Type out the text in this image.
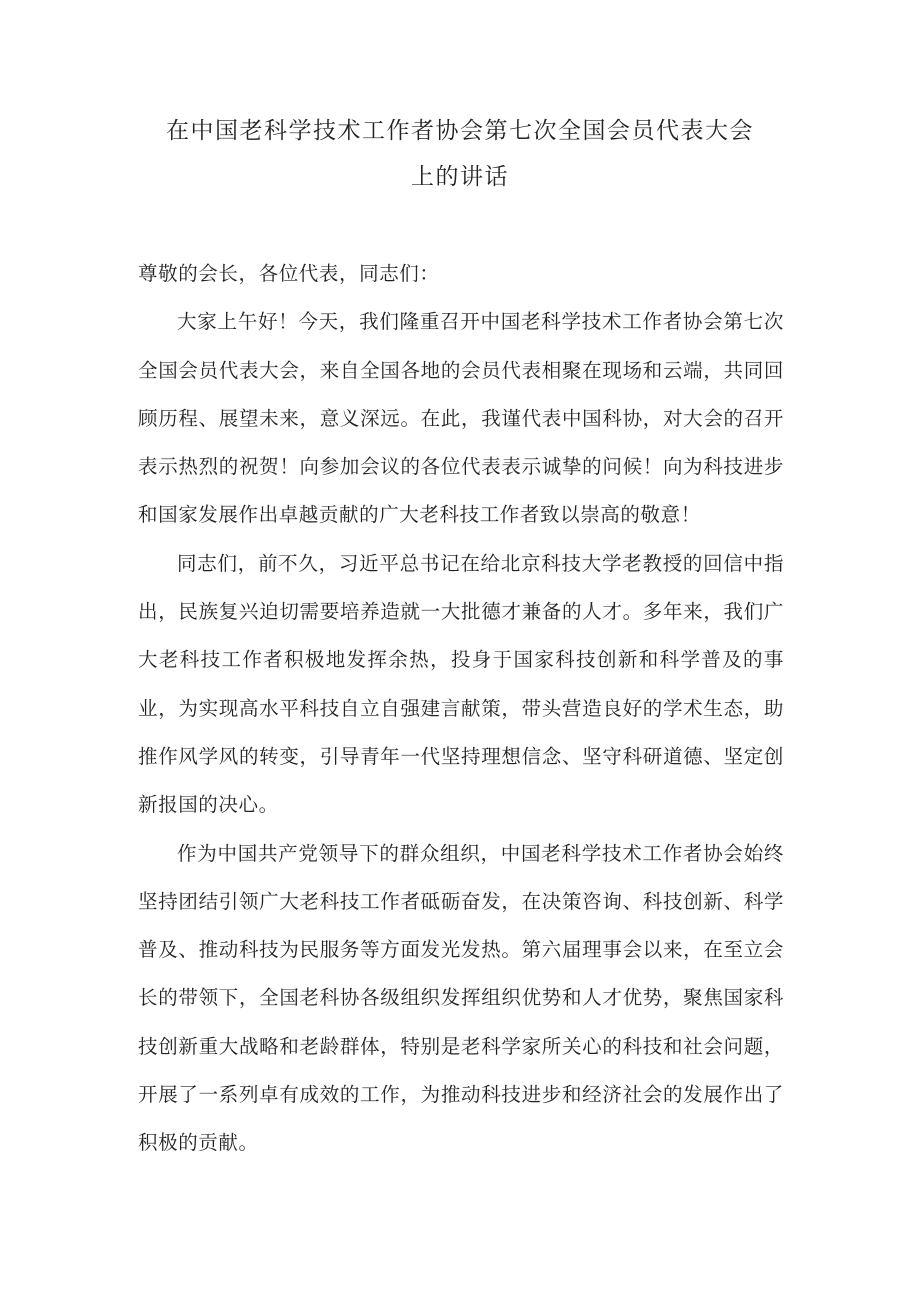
在中国老科学技术工作者协会第七次全国会员代表大会
上的讲话

尊敬的会长，各位代表，同志们：

大家上午好！今天，我们隆重召开中国老科学技术工作者协会第七次全国会员代表大会，来自全国各地的会员代表相聚在现场和云端，共同回顾历程、展望未来，意义深远。在此，我谨代表中国科协，对大会的召开表示热烈的祝贺！向参加会议的各位代表表示诚挚的问候！向为科技进步和国家发展作出卓越贡献的广大老科技工作者致以崇高的敬意！

同志们，前不久，习近平总书记在给北京科技大学老教授的回信中指出，民族复兴迫切需要培养造就一大批德才兼备的人才。多年来，我们广大老科技工作者积极地发挥余热，投身于国家科技创新和科学普及的事业，为实现高水平科技自立自强建言献策，带头营造良好的学术生态，助推作风学风的转变，引导青年一代坚持理想信念、坚守科研道德、坚定创新报国的决心。

作为中国共产党领导下的群众组织，中国老科学技术工作者协会始终坚持团结引领广大老科技工作者砥砺奋发，在决策咨询、科技创新、科学普及、推动科技为民服务等方面发光发热。第六届理事会以来，在至立会长的带领下，全国老科协各级组织发挥组织优势和人才优势，聚焦国家科技创新重大战略和老龄群体，特别是老科学家所关心的科技和社会问题，开展了一系列卓有成效的工作，为推动科技进步和经济社会的发展作出了积极的贡献。
